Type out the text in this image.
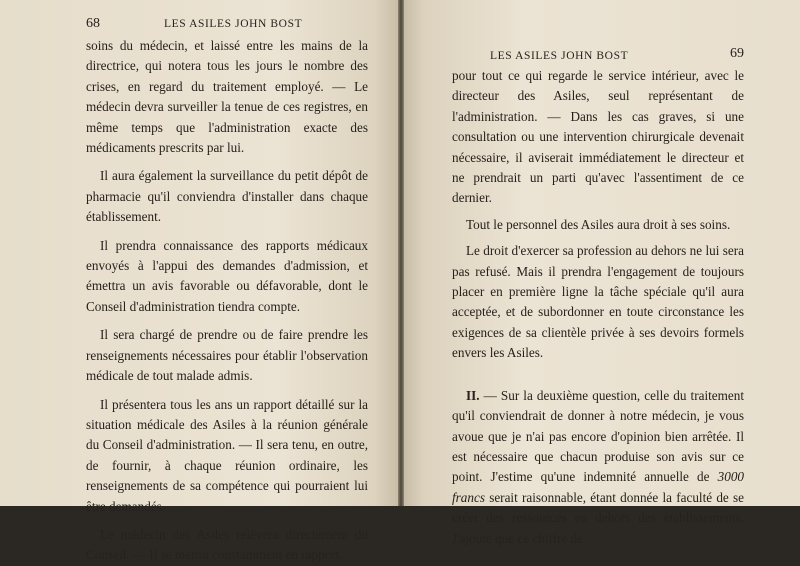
68	LES ASILES JOHN BOST

soins du médecin, et laissé entre les mains de la directrice, qui notera tous les jours le nombre des crises, en regard du traitement employé. — Le médecin devra surveiller la tenue de ces registres, en même temps que l'administration exacte des médicaments prescrits par lui.

Il aura également la surveillance du petit dépôt de pharmacie qu'il conviendra d'installer dans chaque établissement.

Il prendra connaissance des rapports médicaux envoyés à l'appui des demandes d'admission, et émettra un avis favorable ou défavorable, dont le Conseil d'administration tiendra compte.

Il sera chargé de prendre ou de faire prendre les renseignements nécessaires pour établir l'observation médicale de tout malade admis.

Il présentera tous les ans un rapport détaillé sur la situation médicale des Asiles à la réunion générale du Conseil d'administration. — Il sera tenu, en outre, de fournir, à chaque réunion ordinaire, les renseignements de sa compétence qui pourraient lui être demandés.

Le médecin des Asiles relèvera directement du Conseil. — Il se mettra constamment en rapport,

LES ASILES JOHN BOST	69

pour tout ce qui regarde le service intérieur, avec le directeur des Asiles, seul représentant de l'administration. — Dans les cas graves, si une consultation ou une intervention chirurgicale devenait nécessaire, il aviserait immédiatement le directeur et ne prendrait un parti qu'avec l'assentiment de ce dernier.

Tout le personnel des Asiles aura droit à ses soins.

Le droit d'exercer sa profession au dehors ne lui sera pas refusé. Mais il prendra l'engagement de toujours placer en première ligne la tâche spéciale qu'il aura acceptée, et de subordonner en toute circonstance les exigences de sa clientèle privée à ses devoirs formels envers les Asiles.

II. — Sur la deuxième question, celle du traitement qu'il conviendrait de donner à notre médecin, je vous avoue que je n'ai pas encore d'opinion bien arrêtée. Il est nécessaire que chacun produise son avis sur ce point. J'estime qu'une indemnité annuelle de 3000 francs serait raisonnable, étant donnée la faculté de se créer des ressources en dehors des établissements. J'ajoute que ce chiffre de
